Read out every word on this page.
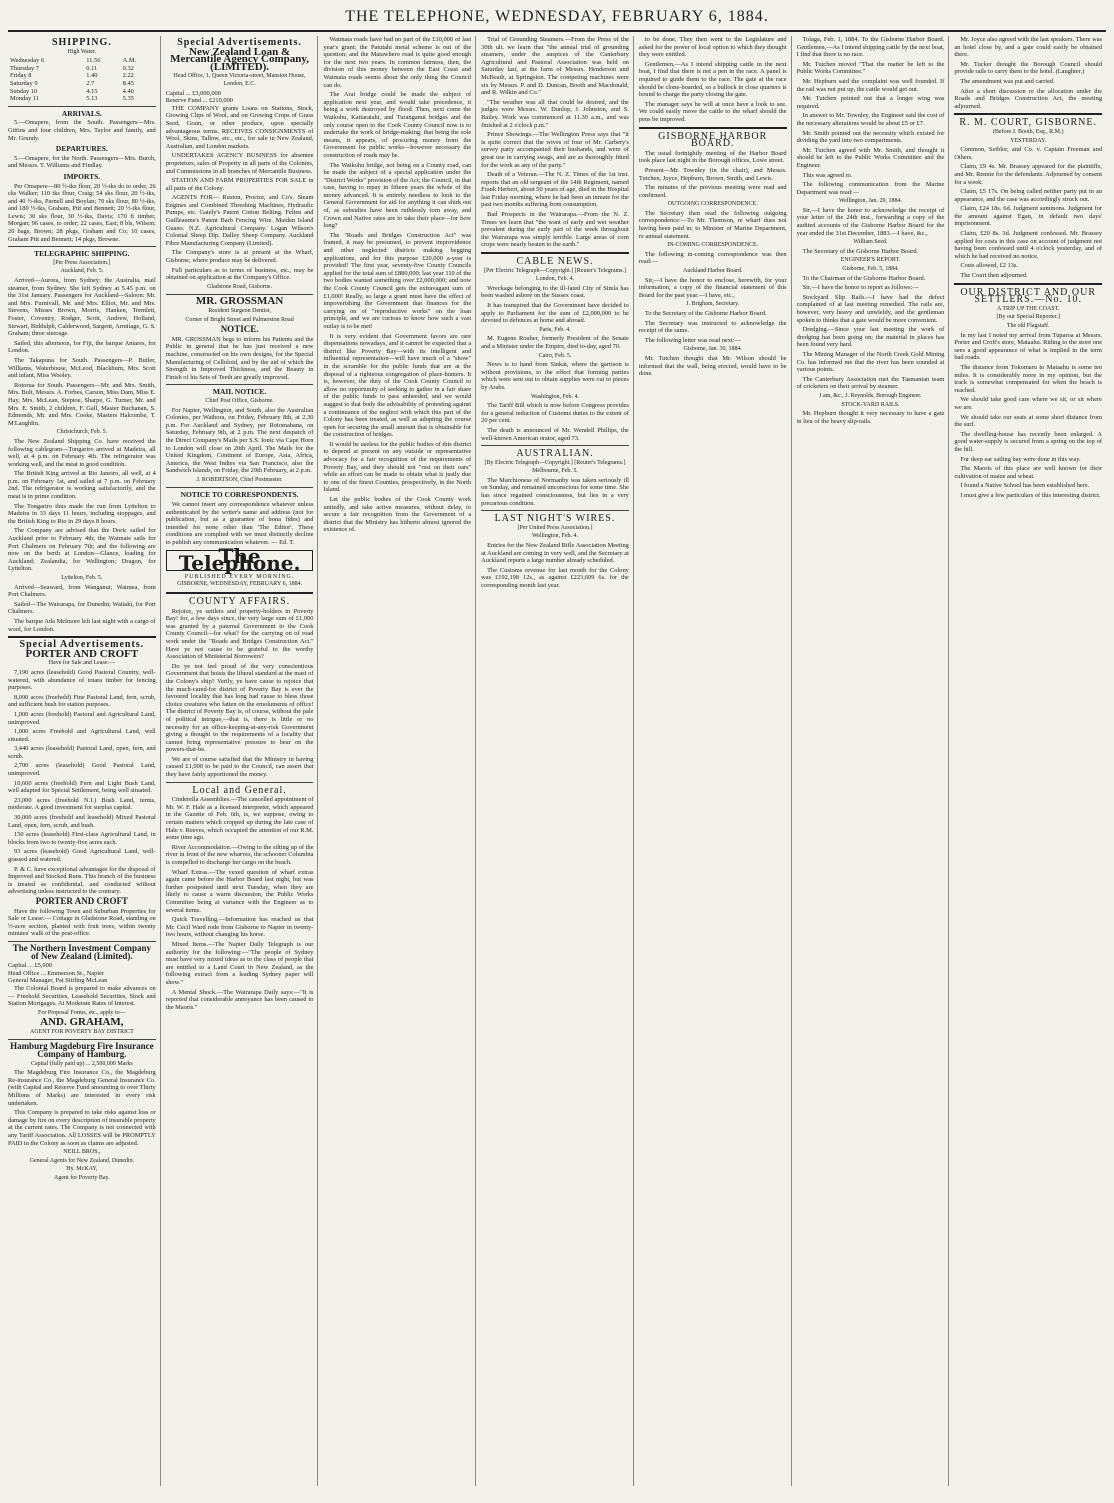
THE TELEPHONE, WEDNESDAY, FEBRUARY 6, 1884.
SHIPPING.
High Water.
Wednesday 6	11.56	A.M.
Thursday 7	0.11	0.32
Friday 8	1.40	2.22
Saturday 9	2.7	8.45
Sunday 10	4.15	4.40
Monday 11	5.13	5.35
ARRIVALS.

5.—Omapere, from the South. Passengers—Mrs. Gittins and four children, Mrs. Taylor and family, and Mr. Grundy.

DEPARTURES.

5.—Omapere, for the North. Passengers—Mrs. Burch, and Messrs. T. Williams and Findlay.

IMPORTS.

Per Omapere—80 ½-tks flour, 20 ½-tks do to order, 26 cks Walker; 110 tks flour, Craig; 54 sks flour, 20 ½-tks, and 40 ½-tks, Parnell and Boylan; 70 sks flour, 80 ½-tks, and 180 ½-tks, Graham, Pitt and Bennett; 20 ½-tks flour, Lewis; 30 sks flour, 30 ½-tks, Davis; 170 ft timber, Morgan; 96 cases, to order; 22 cases, East; 8 bls, Wilson; 20 bags, Brown; 28 pkgs, Graham and Co; 10 cases, Graham Pitt and Bennett; 14 pkgs, Browne.

TELEGRAPHIC SHIPPING.
[Per Press Association.]
Auckland, Feb. 5.

Arrived—Aurora, from Sydney; the Australia, mail steamer, from Sydney. She left Sydney at 5.45 p.m. on the 31st January. Passengers for Auckland—Saloon: Mr. and Mrs. Furnivall, Mr. and Mrs. Elliot, Mr. and Mrs. Stevens, Misses Brown, Morris, Hanken, Tremlett, Foster, Coventry, Rodger, Scott, Andrew, Holland, Stewart, Biddulph, Calderwood, Sargent, Armitage, G. S. Graham; three steerage.

Sailed, this afternoon, for Fiji, the barque Antares, for London.

The Takapuna for South. Passengers—P. Butler, Williams, Waterhouse, McLeod, Blackburn, Mrs. Scott and infant, Miss Wooley.

Rotorua for South. Passengers—Mr. and Mrs. Smith, Mrs. Bolt, Messrs. A. Forbes, Carson, Miss Dam, Miss E. Hay, Mrs. McLean, Steptoe, Sharpe, G. Turner, Mr. and Mrs. E. Smith, 2 children, F. Gall, Master Buchanan, S. Edmonds, Mr. and Mrs. Cooke, Masters Halcombe, T. M'Laughlin.

Christchurch, Feb. 5.

The New Zealand Shipping Co. have received the following cablegram—Tongariro arrived at Madeira, all well, at 4 p.m. on February 4th. The refrigerator was working well, and the meat in good condition.

The British King arrived at Rio Janeiro, all well, at 4 p.m. on February 1st, and sailed at 7 p.m. on February 2nd. The refrigerator is working satisfactorily, and the meat is in prime condition.

The Tongariro thus made the run from Lyttelton to Madeira in 33 days 11 hours, including stoppages, and the British King to Rio in 29 days 8 hours.

The Company are advised that the Doric sailed for Auckland prior to February 4th; the Waimate sails for Port Chalmers on February 7th; and the following are now on the berth at London—Glance, loading for Auckland; Zealandia, for Wellington; Dragon, for Lyttelton.

Lyttelton, Feb. 5.

Arrived—Seaward, from Wanganui; Waimea, from Port Chalmers.

Sailed—The Wairarapa, for Dunedin; Waitaki, for Port Chalmers.

The barque Ada Melmore left last night with a cargo of wool, for London.

Special Advertisements.
PORTER AND CROFT
Have for Sale and Lease:—

7,190 acres (leasehold) Good Pastoral Country, well-watered, with abundance of totara timber for fencing purposes.

8,000 acres (freehold) Fine Pastoral Land, fern, scrub, and sufficient bush for station purposes.

1,000 acres (freehold) Pastoral and Agricultural Land, unimproved.

1,000 acres Freehold and Agricultural Land, well situated.

3,440 acres (leasehold) Pastoral Land, open, fern, and scrub.

2,700 acres (leasehold) Good Pastoral Land, unimproved.

10,600 acres (freehold) Fern and Light Bush Land, well adapted for Special Settlement, being well situated.

23,000 acres (freehold N.I.) Bush Land, terms, moderate. A good investment for surplus capital.

30,000 acres (freehold and leasehold) Mixed Pastoral Land, open, fern, scrub, and bush.

150 acres (leasehold) First-class Agricultural Land, in blocks from two to twenty-five acres each.

93 acres (leasehold) Good Agricultural Land, well-grassed and watered.

P. & C. have exceptional advantages for the disposal of Improved and Stocked Runs. This branch of the business is treated as confidential, and conducted without advertising unless instructed to the contrary.

PORTER AND CROFT

Have the following Town and Suburban Properties for Sale or Lease:— Cottage in Gladstone Road, standing on ½-acre section, planted with fruit trees, within twenty minutes' walk of the post-office.

The Northern Investment Company of New Zealand (Limited).
Capital ... £5,000
Head Office ... Emmerson St., Napier
General Manager, Pat Stirling McLean

The Colonial Board is prepared to make advances on— Freehold Securities, Leasehold Securities, Stock and Station Mortgages. At Moderate Rates of Interest.

For Proposal Forms, etc., apply to—
AND. GRAHAM,
AGENT FOR POVERTY BAY DISTRICT
Hamburg Magdeburg Fire Insurance Company of Hamburg.
Capital (fully paid up) ... 2,500,000 Marks

The Magdeburg Fire Insurance Co., the Magdeburg Re-insurance Co., the Magdeburg General Insurance Co. (with Capital and Reserve Fund amounting to over Thirty Millions of Marks) are interested in every risk undertaken.

This Company is prepared to take risks against loss or damage by fire on every description of insurable property at the current rates. The Company is not connected with any Tariff Association. All LOSSES will be PROMPTLY PAID in the Colony as soon as claims are adjusted.

NEILL BROS.,
General Agents for New Zealand, Dunedin.
Hy. McKAY,
Agent for Poverty Bay.
Special Advertisements.
New Zealand Loan & Mercantile Agency Company, (LIMITED).
Head Office, 1, Queen Victoria-street, Mansion House, London, E.C.
Capital ... £3,000,000
Reserve Fund ... £210,000

THE COMPANY grants Loans on Stations, Stock, Growing Clips of Wool, and on Growing Crops of Grass Seed, Grain, or other produce, upon specially advantageous terms. RECEIVES CONSIGNMENTS of Wool, Skins, Tallow, etc., etc., for sale in New Zealand, Australian, and London markets.

UNDERTAKES AGENCY BUSINESS for absentee proprietors, sales of Property in all parts of the Colonies, and Commissions in all branches of Mercantile Business.

STATION AND FARM PROPERTIES FOR SALE in all parts of the Colony.

AGENTS FOR— Ruston, Proctor, and Co's. Steam Engines and Combined Threshing Machines, Hydraulic Pumps, etc. Gately's Patent Cotton Belting. Felten and Guilleaume's Patent Barb Fencing Wire. Maiden Island Guano. N.Z. Agricultural Company. Logan Wilson's Colonial Sheep Dip. Dalley Sheep Company. Auckland Fibre Manufacturing Company (Limited).

The Company's store is at present at the Wharf, Gisborne, where produce may be delivered.

Full particulars as to terms of business, etc., may be obtained on application at the Company's Office.

Gladstone Road, Gisborne.
MR. GROSSMAN
Resident Surgeon Dentist,
Corner of Bright Street and Palmerston Road
NOTICE.

MR. GROSSMAN begs to inform his Patients and the Public in general that he has just received a new machine, constructed on his own designs, for the Special Manufacturing of Celluloid, and by the aid of which the Strength in Improved Thickness, and the Beauty in Finish of his Sets of Teeth are greatly improved.

MAIL NOTICE.
Chief Post Office, Gisborne.

For Napier, Wellington, and South, also the Australian Colonies, per Waihora, on Friday, February 8th, at 2.30 p.m. For Auckland and Sydney, per Rotomahana, on Saturday, February 9th, at 2 p.m. The next despatch of the Direct Company's Mails per S.S. Ionic via Cape Horn to London will close on 20th April. The Mails for the United Kingdom, Continent of Europe, Asia, Africa, America, the West Indies via San Francisco, also the Sandwich Islands, on Friday, the 29th February, at 2 p.m.

J. ROBERTSON, Chief Postmaster.
NOTICE TO CORRESPONDENTS.

We cannot insert any correspondence whatever unless authenticated by the writer's name and address (not for publication, but as a guarantee of bona fides) and intended for none other than 'The Editor'. These conditions are complied with we must distinctly decline to publish any communication whatever. — Ed. T.

The Telephone.
PUBLISHED EVERY MORNING.
GISBORNE, WEDNESDAY, FEBRUARY 6, 1884.
COUNTY AFFAIRS.

Rejoice, ye settlers and property-holders in Poverty Bay! for, a few days since, the very large sum of £1,000 was granted by a paternal Government to the Cook County Council—for what? for the carrying on of road work under the "Roads and Bridges Construction Act." Have ye not cause to be grateful to the worthy Association of Ministerial Borrowers?

Do ye not feel proud of the very conscientious Government that hoists the liberal standard at the mast of the Colony's ship? Verily, ye have cause to rejoice that the much-cared-for district of Poverty Bay is ever the favoured locality that has long had cause to bless those choice creatures who fatten on the emoluments of office! The district of Poverty Bay is, of course, without the pale of political intrigue,—that is, there is little or no necessity for an office-keeping-at-any-risk Government giving a thought to the requirements of a locality that cannot bring representative pressure to bear on the powers-that-be.

We are of course satisfied that the Ministry in having caused £1,000 to be paid to the Council, can assert that they have fairly apportioned the money.

Local and General.

Cinderella Assemblies.—The cancelled appointment of Mr. W. F. Hale as a licensed interpreter, which appeared in the Gazette of Feb. 6th, is, we suppose, owing to certain matters which cropped up during the late case of Hale v. Reeves, which occupied the attention of our R.M. some time ago.

River Accommodation.—Owing to the silting up of the river in front of the new wharves, the schooner Columbia is compelled to discharge her cargo on the beach.

Wharf Extras.—The vexed question of wharf extras again came before the Harbor Board last night, but was further postponed until next Tuesday, when they are likely to cause a warm discussion, the Public Works Committee being at variance with the Engineer as to several items.

Quick Travelling.—Information has reached us that Mr. Cecil Ward rode from Gisborne to Napier in twenty-two hours, without changing his horse.

Mixed Items.—The Napier Daily Telegraph is our authority for the following:—"The people of Sydney must have very mixed ideas as to the class of people that are entitled to a Land Court in New Zealand, as the following extract from a leading Sydney paper will show."

A Mental Shock.—The Wairarapa Daily says:—"It is reported that considerable annoyance has been caused to the Maoris."

Waimata roads have had no part of the £10,000 of last year's grant; the Patutahi metal scheme is out of the question; and the Matawhero road is quite good enough for the next two years. In common fairness, then, the division of this money between the East Coast and Waimata roads seems about the only thing the Council can do.

The Arai bridge could be made the subject of application next year, and would take precedence, it being a work destroyed by flood. Then, next come the Waikohu, Kaitaratahi, and Turanganui bridges and the only course open to the Cook County Council now is to undertake the work of bridge-making, that being the sole means, it appears, of procuring money from the Government for public works—however necessary the construction of roads may be.

The Waikohu bridge, not being on a County road, can be made the subject of a special application under the "District Works" provision of the Act; the Council, in that case, having to repay in fifteen years the whole of the money advanced. It is entirely needless to look to the General Government for aid for anything it can shirk out of, as subsidies have been ruthlessly torn away, and Crown and Native rates are to take their place—for how long?

The "Roads and Bridges Construction Act" was framed, it may be presumed, to prevent improvidence and other neglected districts making begging applications, and for this purpose £20,000 a-year is provided! The first year, seventy-five County Councils applied for the total sum of £880,000; last year 110 of the two bodies wanted something over £2,000,000; and now the Cook County Council gets the extravagant sum of £1,000! Really, so large a grant must have the effect of impoverishing the Government that finances for the carrying on of "reproductive works" on the loan principle, and we are curious to know how such a vast outlay is to be met!

It is very evident that Government favors are rare dispensations nowadays, and it cannot be expected that a district like Poverty Bay—with its intelligent and influential representation—will have much of a "show" in the scramble for the public funds that are at the disposal of a righteous congregation of place-hunters. It is, however, the duty of the Cook County Council to allow no opportunity of seeking to gather in a fair share of the public funds to pass unheeded, and we would suggest to that body the advisability of protesting against a continuance of the neglect with which this part of the Colony has been treated, as well as adopting the course open for securing the small amount that is obtainable for the construction of bridges.

It would be useless for the public bodies of this district to depend at present on any outside or representative advocacy for a fair recognition of the requirements of Poverty Bay, and they should not "rest on their oars" while an effort can be made to obtain what is justly due to one of the finest Counties, prospectively, in the North Island.

Let the public bodies of the Cook County work unitedly, and take active measures, without delay, to secure a fair recognition from the Government of a district that the Ministry has hitherto almost ignored the existence of.

Trial of Grounding Steamers.—From the Press of the 30th ult. we learn that "the annual trial of grounding steamers, under the auspices of the Canterbury Agricultural and Pastoral Association was held on Saturday last, at the farm of Messrs. Henderson and McBeath, at Springston. The competing machines were six by Messrs. P. and D. Duncan, Booth and Macdonald, and R. Wilkin and Co."

"The weather was all that could be desired, and the judges were Messrs. W. Dunlop, J. Johnston, and S. Bailey. Work was commenced at 11.30 a.m., and was finished at 2 o'clock p.m."

Prince Showings.—The Wellington Press says that "it is quite correct that the wives of four of Mr. Carbery's survey party accompanied their husbands, and were of great use in carrying swags, and are as thoroughly fitted for the work as any of the party."

Death of a Veteran.—The N. Z. Times of the 1st inst. reports that an old sergeant of the 14th Regiment, named Frank Herbert, about 50 years of age, died in the Hospital last Friday morning, where he had been an inmate for the past two months suffering from consumption.

Bad Prospects in the Wairarapa.—From the N. Z. Times we learn that "the want of early and wet weather prevalent during the early part of the week throughout the Wairarapa was simply terrible. Large areas of corn crops were nearly beaten to the earth."

CABLE NEWS.
[Per Electric Telegraph—Copyright.] [Reuter's Telegrams.]
London, Feb. 4.

Wreckage belonging to the ill-fated City of Simla has been washed ashore on the Sussex coast.

It has transpired that the Government have decided to apply to Parliament for the sum of £2,000,000 to be devoted to defences at home and abroad.

Paris, Feb. 4.

M. Eugene Rouher, formerly President of the Senate and a Minister under the Empire, died to-day, aged 70.

Cairo, Feb. 5.

News is to hand from Sinkat, where the garrison is without provisions, to the effect that forming parties which were sent out to obtain supplies were cut to pieces by Arabs.

Washington, Feb. 4.

The Tariff Bill which is now before Congress provides for a general reduction of Customs duties to the extent of 20 per cent.

The death is announced of Mr. Wendell Phillips, the well-known American orator, aged 73.

AUSTRALIAN.
[By Electric Telegraph—Copyright.] [Reuter's Telegrams.]
Melbourne, Feb. 5.

The Marchioness of Normanby was taken seriously ill on Sunday, and remained unconscious for some time. She has since regained consciousness, but lies in a very precarious condition.

LAST NIGHT'S WIRES.
[Per United Press Association.]
Wellington, Feb. 4.

Entries for the New Zealand Rifle Association Meeting at Auckland are coming in very well, and the Secretary at Auckland reports a large number already scheduled.

The Customs revenue for last month for the Colony was £192,198 12s., as against £223,609 6s. for the corresponding month last year.

to be done. They then went to the Legislature and asked for the power of local option to which they thought they were entitled.

Gentlemen,—As I intend shipping cattle in the next boat, I find that there is not a pen in the race. A panel is required to guide them to the race. The gate at the race should be clone-boarded, so a bullock in close quarters is bound to charge the party closing the gate.

The manager says he will at once have a look to see. We could easily move the cattle to the wharf should the pens be improved.

GISBORNE HARBOR BOARD.

The usual fortnightly meeting of the Harbor Board took place last night in the Borough offices, Lowe street.

Present—Mr. Townley (in the chair), and Messrs. Tutchen, Joyce, Hepburn, Brown, Smith, and Lewis.

The minutes of the previous meeting were read and confirmed.

OUTGOING CORRESPONDENCE.

The Secretary then read the following outgoing correspondence:—To Mr. Thomson, re wharf dues not having been paid in; to Minister of Marine Department, re annual statement.

IN-COMING CORRESPONDENCE.

The following in-coming correspondence was then read:—

Auckland Harbor Board.

Sir,—I have the honor to enclose, herewith, for your information, a copy of the financial statement of this Board for the past year.—I have, etc.,

J. Brigham, Secretary.

To the Secretary of the Gisborne Harbor Board.

The Secretary was instructed to acknowledge the receipt of the same.

The following letter was read next:—

Gisborne, Jan. 30, 1884.

Mr. Tutchen thought that Mr. Wilson should be informed that the wall, being erected, would have to be done.

Tolaga, Feb. 1, 1884. To the Gisborne Harbor Board. Gentlemen,—As I intend shipping cattle by the next boat, I find that there is no race.

Mr. Tutchen moved "That the matter be left to the Public Works Committee."

Mr. Hepburn said the complaint was well founded. If the rail was not put up, the cattle would get out.

Mr. Tutchen pointed out that a longer wing was required.

In answer to Mr. Townley, the Engineer said the cost of the necessary alterations would be about £5 or £7.

Mr. Smith pointed out the necessity which existed for dividing the yard into two compartments.

Mr. Tutchen agreed with Mr. Smith, and thought it should be left to the Public Works Committee and the Engineer.

This was agreed to.

The following communication from the Marine Department was read:—

Wellington, Jan. 29, 1884.

Sir,—I have the honor to acknowledge the receipt of your letter of the 24th inst., forwarding a copy of the audited accounts of the Gisborne Harbor Board for the year ended the 31st December, 1883.—I have, &c.,

William Seed.

The Secretary of the Gisborne Harbor Board.

ENGINEER'S REPORT.
Gisborne, Feb. 5, 1884.

To the Chairman of the Gisborne Harbor Board.

Sir,—I have the honor to report as follows:—

Stockyard Slip Rails.—I have had the defect complained of at last meeting remedied. The rails are, however, very heavy and unwieldy, and the gentleman spoken to thinks that a gate would be more convenient.

Dredging.—Since your last meeting the work of dredging has been going on; the material in places has been found very hard.

The Mining Manager of the North Creek Gold Mining Co. has informed me that the river has been sounded at various points.

The Canterbury Association met the Tasmanian team of cricketers on their arrival by steamer.

I am, &c., J. Reynolds, Borough Engineer.
STOCK-YARD RAILS.

Mr. Hepburn thought it very necessary to have a gate in lieu of the heavy slip-rails.

Mr. Joyce also agreed with the last speakers. There was an hotel close by, and a gate could easily be obtained there.

Mr. Tucker thought the Borough Council should provide rails to carry them to the hotel. (Laughter.)

The amendment was put and carried.

After a short discussion re the allocation under the Roads and Bridges Construction Act, the meeting adjourned.

R. M. COURT, GISBORNE.
(Before J. Booth, Esq., R.M.)
YESTERDAY.

Common, Seiblor, and Co. v. Captain Freeman and Others.

Claim, £9 4s. Mr. Brassey appeared for the plaintiffs, and Mr. Rennie for the defendants. Adjourned by consent for a week.

Claim, £5 17s. On being called neither party put in an appearance, and the case was accordingly struck out.

Claim, £24 18s. 6d. Judgment summons. Judgment for the amount against Egan, in default two days' imprisonment.

Claim, £20 8s. 3d. Judgment confessed. Mr. Brassey applied for costs in this case on account of judgment not having been confessed until 4 o'clock yesterday, and of which he had received no notice.

Costs allowed, £2 13s.

The Court then adjourned.

OUR DISTRICT AND OUR SETTLERS.—No. 10.
A TRIP UP THE COAST.
[By our Special Reporter.]
The old Flagstaff.

In my last I noted my arrival from Tuparoa at Messrs. Porter and Croft's store, Mataahu. Riding to the store one sees a good appearance of what is implied in the term bad roads.

The distance from Tokomaru to Mataahu is some ten miles. It is considerably more in my opinion, but the track is somewhat compensated for when the beach is reached.

We should take good care where we sit, or sit where we are.

We should take our seats at some short distance from the surf.

The dwelling-house has recently been enlarged. A good water-supply is secured from a spring on the top of the hill.

For deep ear sailing bay were done in this way.

The Maoris of this place are well known for their cultivation of maize and wheat.

I found a Native School has been established here.

I must give a few particulars of this interesting district.
